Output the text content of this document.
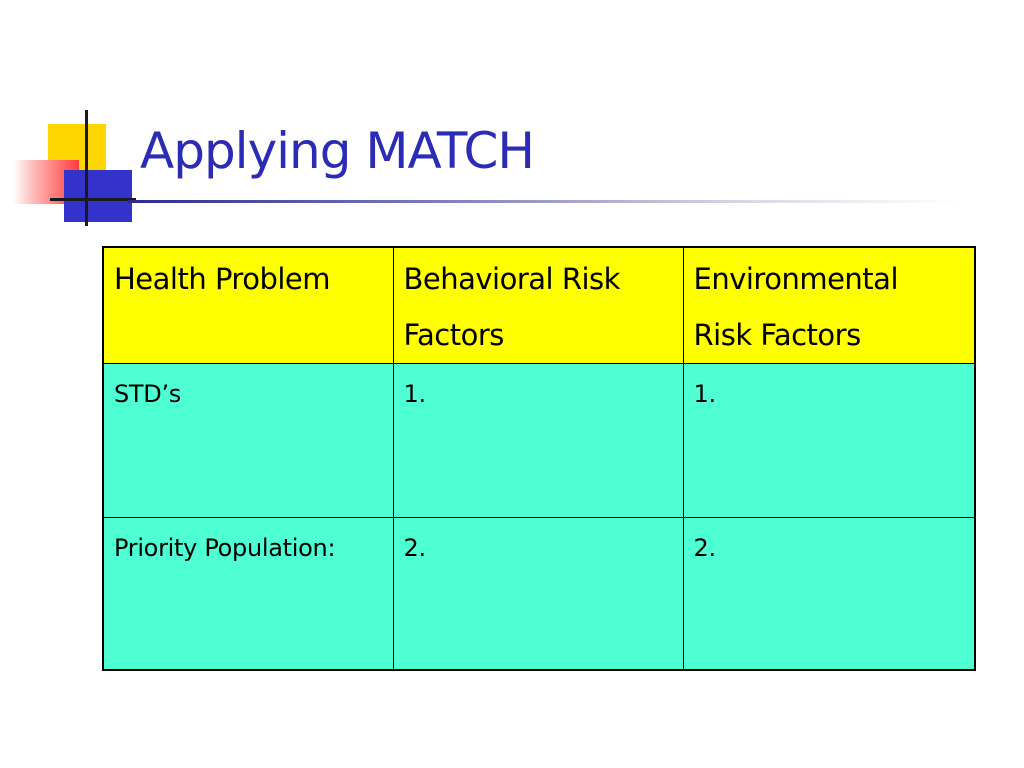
Applying MATCH
Health Problem	Behavioral Risk Factors	Environmental Risk Factors
STD’s	1.	1.
Priority Population:	2.	2.
